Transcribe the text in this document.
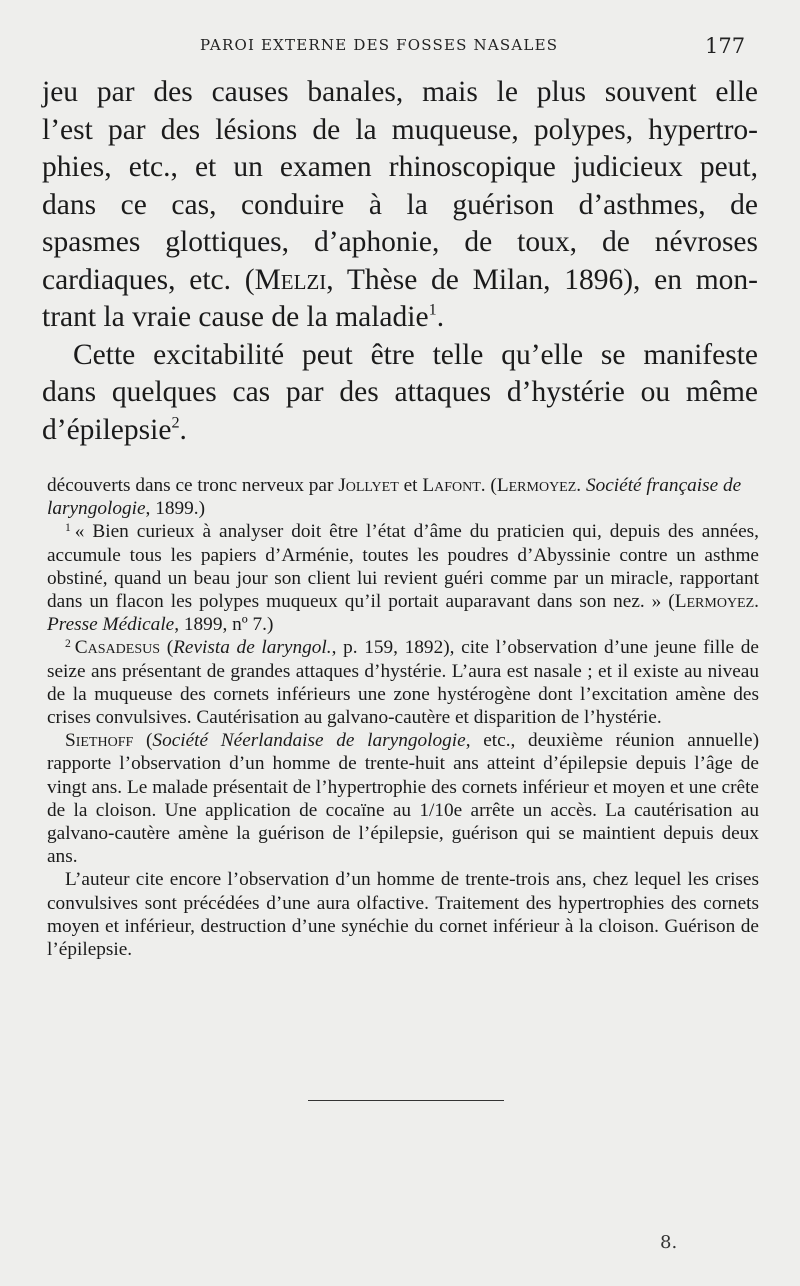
PAROI EXTERNE DES FOSSES NASALES	177

jeu par des causes banales, mais le plus souvent elle
l’est par des lésions de la muqueuse, polypes, hypertro-
phies, etc., et un examen rhinoscopique judicieux peut,
dans ce cas, conduire à la guérison d’asthmes, de
spasmes glottiques, d’aphonie, de toux, de névroses
cardiaques, etc. (Melzi, Thèse de Milan, 1896), en mon-
trant la vraie cause de la maladie$^1$.

Cette excitabilité peut être telle qu’elle se manifeste
dans quelques cas par des attaques d’hystérie ou même
d’épilepsie$^2$.

découverts dans ce tronc nerveux par Jollyet et Lafont. (Lermoyez. Société française de laryngologie, 1899.)

$^1$ « Bien curieux à analyser doit être l’état d’âme du praticien qui, depuis des années, accumule tous les papiers d’Arménie, toutes les poudres d’Abyssinie contre un asthme obstiné, quand un beau jour son client lui revient guéri comme par un miracle, rapportant dans un flacon les polypes muqueux qu’il portait auparavant dans son nez. » (Lermoyez. Presse Médicale, 1899, nº 7.)

$^2$ Casadesus (Revista de laryngol., p. 159, 1892), cite l’observation d’une jeune fille de seize ans présentant de grandes attaques d’hystérie. L’aura est nasale ; et il existe au niveau de la muqueuse des cornets inférieurs une zone hystérogène dont l’excitation amène des crises convulsives. Cautérisation au galvano-cautère et disparition de l’hystérie.

Siethoff (Société Néerlandaise de laryngologie, etc., deuxième réunion annuelle) rapporte l’observation d’un homme de trente-huit ans atteint d’épilepsie depuis l’âge de vingt ans. Le malade présentait de l’hypertrophie des cornets inférieur et moyen et une crête de la cloison. Une application de cocaïne au 1/10e arrête un accès. La cautérisation au galvano-cautère amène la guérison de l’épilepsie, guérison qui se maintient depuis deux ans.

L’auteur cite encore l’observation d’un homme de trente-trois ans, chez lequel les crises convulsives sont précédées d’une aura olfactive. Traitement des hypertrophies des cornets moyen et inférieur, destruction d’une synéchie du cornet inférieur à la cloison. Guérison de l’épilepsie.

8.
